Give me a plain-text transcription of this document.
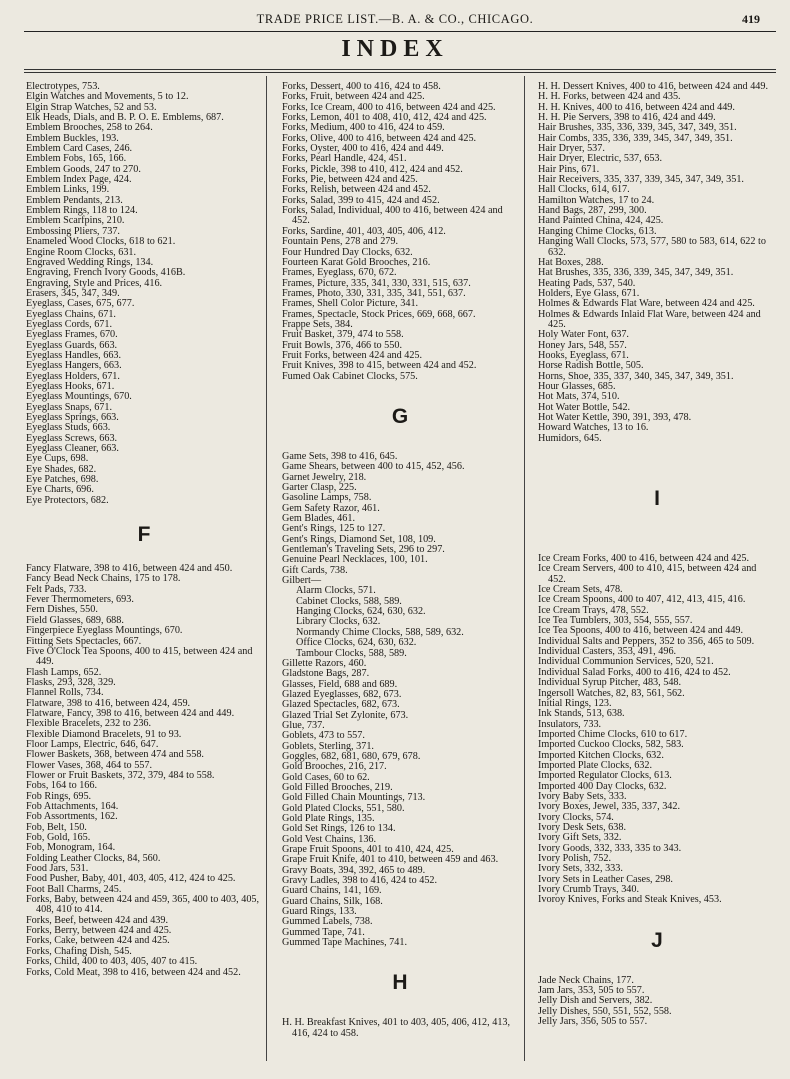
TRADE PRICE LIST.—B. A. & CO., CHICAGO.	419
INDEX
Electrotypes, 753.
Elgin Watches and Movements, 5 to 12.
Elgin Strap Watches, 52 and 53.
Elk Heads, Dials, and B. P. O. E. Emblems, 687.
Emblem Brooches, 258 to 264.
Emblem Buckles, 193.
Emblem Card Cases, 246.
Emblem Fobs, 165, 166.
Emblem Goods, 247 to 270.
Emblem Index Page, 424.
Emblem Links, 199.
Emblem Pendants, 213.
Emblem Rings, 118 to 124.
Emblem Scarfpins, 210.
Embossing Pliers, 737.
Enameled Wood Clocks, 618 to 621.
Engine Room Clocks, 631.
Engraved Wedding Rings, 134.
Engraving, French Ivory Goods, 416B.
Engraving, Style and Prices, 416.
Erasers, 345, 347, 349.
Eyeglass, Cases, 675, 677.
Eyeglass Chains, 671.
Eyeglass Cords, 671.
Eyeglass Frames, 670.
Eyeglass Guards, 663.
Eyeglass Handles, 663.
Eyeglass Hangers, 663.
Eyeglass Holders, 671.
Eyeglass Hooks, 671.
Eyeglass Mountings, 670.
Eyeglass Snaps, 671.
Eyeglass Springs, 663.
Eyeglass Studs, 663.
Eyeglass Screws, 663.
Eyeglass Cleaner, 663.
Eye Cups, 698.
Eye Shades, 682.
Eye Patches, 698.
Eye Charts, 696.
Eye Protectors, 682.
F
Fancy Flatware, 398 to 416, between 424 and 450.
Fancy Bead Neck Chains, 175 to 178.
Felt Pads, 733.
Fever Thermometers, 693.
Fern Dishes, 550.
Field Glasses, 689, 688.
Fingerpiece Eyeglass Mountings, 670.
Fitting Sets Spectacles, 667.
Five O'Clock Tea Spoons, 400 to 415, between 424 and 449.
Flash Lamps, 652.
Flasks, 293, 328, 329.
Flannel Rolls, 734.
Flatware, 398 to 416, between 424, 459.
Flatware, Fancy, 398 to 416, between 424 and 449.
Flexible Bracelets, 232 to 236.
Flexible Diamond Bracelets, 91 to 93.
Floor Lamps, Electric, 646, 647.
Flower Baskets, 368, between 474 and 558.
Flower Vases, 368, 464 to 557.
Flower or Fruit Baskets, 372, 379, 484 to 558.
Fobs, 164 to 166.
Fob Rings, 695.
Fob Attachments, 164.
Fob Assortments, 162.
Fob, Belt, 150.
Fob, Gold, 165.
Fob, Monogram, 164.
Folding Leather Clocks, 84, 560.
Food Jars, 531.
Food Pusher, Baby, 401, 403, 405, 412, 424 to 425.
Foot Ball Charms, 245.
Forks, Baby, between 424 and 459, 365, 400 to 403, 405, 408, 410 to 414.
Forks, Beef, between 424 and 439.
Forks, Berry, between 424 and 425.
Forks, Cake, between 424 and 425.
Forks, Chafing Dish, 545.
Forks, Child, 400 to 403, 405, 407 to 415.
Forks, Cold Meat, 398 to 416, between 424 and 452.
Forks, Dessert, 400 to 416, 424 to 458.
Forks, Fruit, between 424 and 425.
Forks, Ice Cream, 400 to 416, between 424 and 425.
Forks, Lemon, 401 to 408, 410, 412, 424 and 425.
Forks, Medium, 400 to 416, 424 to 459.
Forks, Olive, 400 to 416, between 424 and 425.
Forks, Oyster, 400 to 416, 424 and 449.
Forks, Pearl Handle, 424, 451.
Forks, Pickle, 398 to 410, 412, 424 and 452.
Forks, Pie, between 424 and 425.
Forks, Relish, between 424 and 452.
Forks, Salad, 399 to 415, 424 and 452.
Forks, Salad, Individual, 400 to 416, between 424 and 452.
Forks, Sardine, 401, 403, 405, 406, 412.
Fountain Pens, 278 and 279.
Four Hundred Day Clocks, 632.
Fourteen Karat Gold Brooches, 216.
Frames, Eyeglass, 670, 672.
Frames, Picture, 335, 341, 330, 331, 515, 637.
Frames, Photo, 330, 331, 335, 341, 551, 637.
Frames, Shell Color Picture, 341.
Frames, Spectacle, Stock Prices, 669, 668, 667.
Frappe Sets, 384.
Fruit Basket, 379, 474 to 558.
Fruit Bowls, 376, 466 to 550.
Fruit Forks, between 424 and 425.
Fruit Knives, 398 to 415, between 424 and 452.
Fumed Oak Cabinet Clocks, 575.
G
Game Sets, 398 to 416, 645.
Game Shears, between 400 to 415, 452, 456.
Garnet Jewelry, 218.
Garter Clasp, 225.
Gasoline Lamps, 758.
Gem Safety Razor, 461.
Gem Blades, 461.
Gent's Rings, 125 to 127.
Gent's Rings, Diamond Set, 108, 109.
Gentleman's Traveling Sets, 296 to 297.
Genuine Pearl Necklaces, 100, 101.
Gift Cards, 738.
Gilbert—
Alarm Clocks, 571.
Cabinet Clocks, 588, 589.
Hanging Clocks, 624, 630, 632.
Library Clocks, 632.
Normandy Chime Clocks, 588, 589, 632.
Office Clocks, 624, 630, 632.
Tambour Clocks, 588, 589.
Gillette Razors, 460.
Gladstone Bags, 287.
Glasses, Field, 688 and 689.
Glazed Eyeglasses, 682, 673.
Glazed Spectacles, 682, 673.
Glazed Trial Set Zylonite, 673.
Glue, 737.
Goblets, 473 to 557.
Goblets, Sterling, 371.
Goggles, 682, 681, 680, 679, 678.
Gold Brooches, 216, 217.
Gold Cases, 60 to 62.
Gold Filled Brooches, 219.
Gold Filled Chain Mountings, 713.
Gold Plated Clocks, 551, 580.
Gold Plate Rings, 135.
Gold Set Rings, 126 to 134.
Gold Vest Chains, 136.
Grape Fruit Spoons, 401 to 410, 424, 425.
Grape Fruit Knife, 401 to 410, between 459 and 463.
Gravy Boats, 394, 392, 465 to 489.
Gravy Ladles, 398 to 416, 424 to 452.
Guard Chains, 141, 169.
Guard Chains, Silk, 168.
Guard Rings, 133.
Gummed Labels, 738.
Gummed Tape, 741.
Gummed Tape Machines, 741.
H
H. H. Breakfast Knives, 401 to 403, 405, 406, 412, 413, 416, 424 to 458.
H. H. Dessert Knives, 400 to 416, between 424 and 449.
H. H. Forks, between 424 and 435.
H. H. Knives, 400 to 416, between 424 and 449.
H. H. Pie Servers, 398 to 416, 424 and 449.
Hair Brushes, 335, 336, 339, 345, 347, 349, 351.
Hair Combs, 335, 336, 339, 345, 347, 349, 351.
Hair Dryer, 537.
Hair Dryer, Electric, 537, 653.
Hair Pins, 671.
Hair Receivers, 335, 337, 339, 345, 347, 349, 351.
Hall Clocks, 614, 617.
Hamilton Watches, 17 to 24.
Hand Bags, 287, 299, 300.
Hand Painted China, 424, 425.
Hanging Chime Clocks, 613.
Hanging Wall Clocks, 573, 577, 580 to 583, 614, 622 to 632.
Hat Boxes, 288.
Hat Brushes, 335, 336, 339, 345, 347, 349, 351.
Heating Pads, 537, 540.
Holders, Eye Glass, 671.
Holmes & Edwards Flat Ware, between 424 and 425.
Holmes & Edwards Inlaid Flat Ware, between 424 and 425.
Holy Water Font, 637.
Honey Jars, 548, 557.
Hooks, Eyeglass, 671.
Horse Radish Bottle, 505.
Horns, Shoe, 335, 337, 340, 345, 347, 349, 351.
Hour Glasses, 685.
Hot Mats, 374, 510.
Hot Water Bottle, 542.
Hot Water Kettle, 390, 391, 393, 478.
Howard Watches, 13 to 16.
Humidors, 645.
I
Ice Cream Forks, 400 to 416, between 424 and 425.
Ice Cream Servers, 400 to 410, 415, between 424 and 452.
Ice Cream Sets, 478.
Ice Cream Spoons, 400 to 407, 412, 413, 415, 416.
Ice Cream Trays, 478, 552.
Ice Tea Tumblers, 303, 554, 555, 557.
Ice Tea Spoons, 400 to 416, between 424 and 449.
Individual Salts and Peppers, 352 to 356, 465 to 509.
Individual Casters, 353, 491, 496.
Individual Communion Services, 520, 521.
Individual Salad Forks, 400 to 416, 424 to 452.
Individual Syrup Pitcher, 483, 548.
Ingersoll Watches, 82, 83, 561, 562.
Initial Rings, 123.
Ink Stands, 513, 638.
Insulators, 733.
Imported Chime Clocks, 610 to 617.
Imported Cuckoo Clocks, 582, 583.
Imported Kitchen Clocks, 632.
Imported Plate Clocks, 632.
Imported Regulator Clocks, 613.
Imported 400 Day Clocks, 632.
Ivory Baby Sets, 333.
Ivory Boxes, Jewel, 335, 337, 342.
Ivory Clocks, 574.
Ivory Desk Sets, 638.
Ivory Gift Sets, 332.
Ivory Goods, 332, 333, 335 to 343.
Ivory Polish, 752.
Ivory Sets, 332, 333.
Ivory Sets in Leather Cases, 298.
Ivory Crumb Trays, 340.
Ivoroy Knives, Forks and Steak Knives, 453.
J
Jade Neck Chains, 177.
Jam Jars, 353, 505 to 557.
Jelly Dish and Servers, 382.
Jelly Dishes, 550, 551, 552, 558.
Jelly Jars, 356, 505 to 557.
